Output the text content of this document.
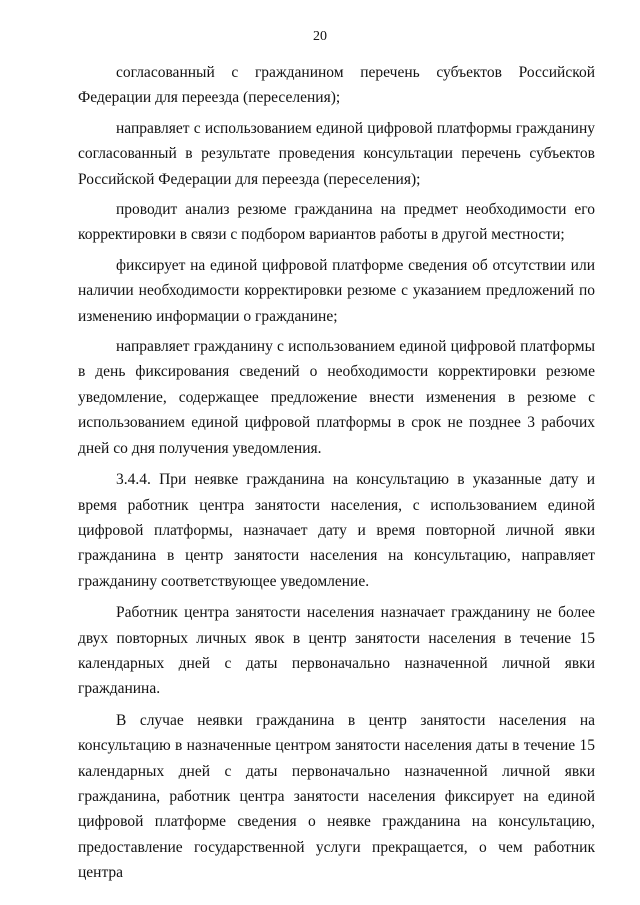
20

согласованный с гражданином перечень субъектов Российской Федерации для переезда (переселения);

направляет с использованием единой цифровой платформы гражданину согласованный в результате проведения консультации перечень субъектов Российской Федерации для переезда (переселения);

проводит анализ резюме гражданина на предмет необходимости его корректировки в связи с подбором вариантов работы в другой местности;

фиксирует на единой цифровой платформе сведения об отсутствии или наличии необходимости корректировки резюме с указанием предложений по изменению информации о гражданине;

направляет гражданину с использованием единой цифровой платформы в день фиксирования сведений о необходимости корректировки резюме уведомление, содержащее предложение внести изменения в резюме с использованием единой цифровой платформы в срок не позднее 3 рабочих дней со дня получения уведомления.

3.4.4. При неявке гражданина на консультацию в указанные дату и время работник центра занятости населения, с использованием единой цифровой платформы, назначает дату и время повторной личной явки гражданина в центр занятости населения на консультацию, направляет гражданину соответствующее уведомление.

Работник центра занятости населения назначает гражданину не более двух повторных личных явок в центр занятости населения в течение 15 календарных дней с даты первоначально назначенной личной явки гражданина.

В случае неявки гражданина в центр занятости населения на консультацию в назначенные центром занятости населения даты в течение 15 календарных дней с даты первоначально назначенной личной явки гражданина, работник центра занятости населения фиксирует на единой цифровой платформе сведения о неявке гражданина на консультацию, предоставление государственной услуги прекращается, о чем работник центра
